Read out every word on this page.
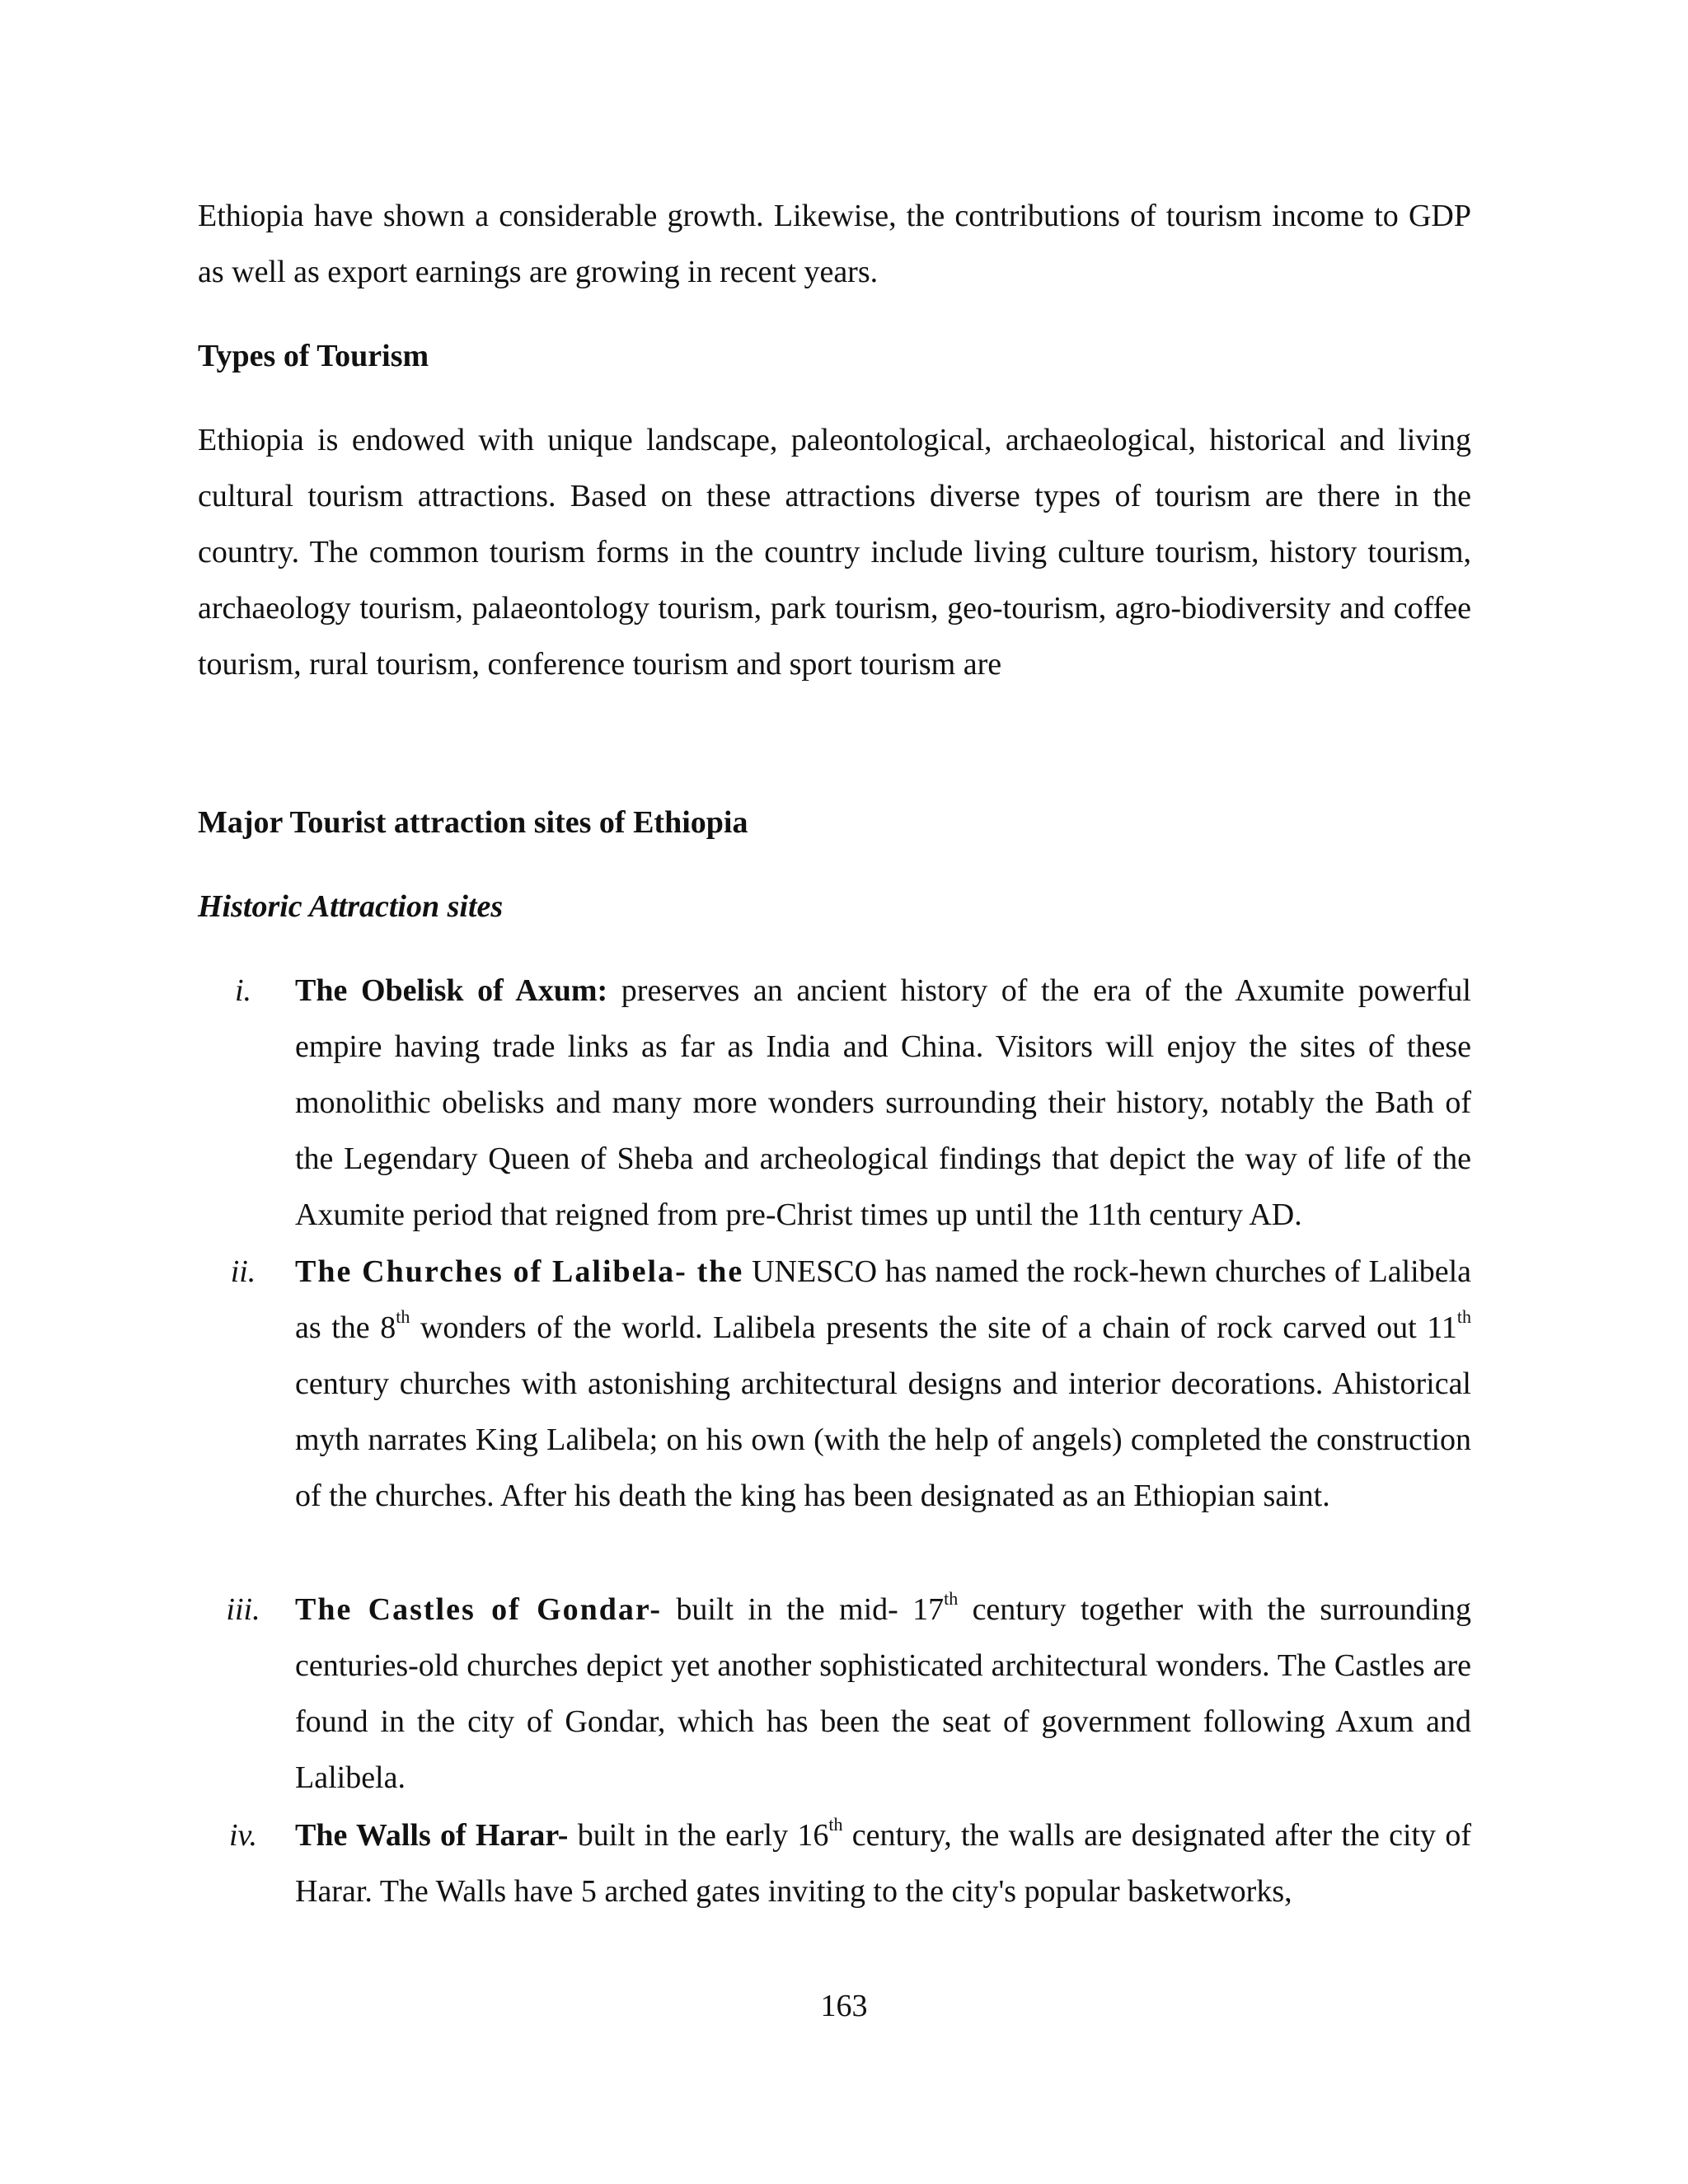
Ethiopia have shown a considerable growth. Likewise, the contributions of tourism income to GDP as well as export earnings are growing in recent years.

Types of Tourism

Ethiopia is endowed with unique landscape, paleontological, archaeological, historical and living cultural tourism attractions. Based on these attractions diverse types of tourism are there in the country. The common tourism forms in the country include living culture tourism, history tourism, archaeology tourism, palaeontology tourism, park tourism, geo-tourism, agro-biodiversity and coffee tourism, rural tourism, conference tourism and sport tourism are

Major Tourist attraction sites of Ethiopia
Historic Attraction sites
i.	The Obelisk of Axum: preserves an ancient history of the era of the Axumite powerful empire having trade links as far as India and China. Visitors will enjoy the sites of these monolithic obelisks and many more wonders surrounding their history, notably the Bath of the Legendary Queen of Sheba and archeological findings that depict the way of life of the Axumite period that reigned from pre-Christ times up until the 11th century AD.

ii.	The Churches of Lalibela- the UNESCO has named the rock-hewn churches of Lalibela as the 8th wonders of the world. Lalibela presents the site of a chain of rock carved out 11th century churches with astonishing architectural designs and interior decorations. Ahistorical myth narrates King Lalibela; on his own (with the help of angels) completed the construction of the churches. After his death the king has been designated as an Ethiopian saint.

iii.	The Castles of Gondar- built in the mid- 17th century together with the surrounding centuries-old churches depict yet another sophisticated architectural wonders. The Castles are found in the city of Gondar, which has been the seat of government following Axum and Lalibela.

iv.	The Walls of Harar- built in the early 16th century, the walls are designated after the city of Harar. The Walls have 5 arched gates inviting to the city's popular basketworks,

163
